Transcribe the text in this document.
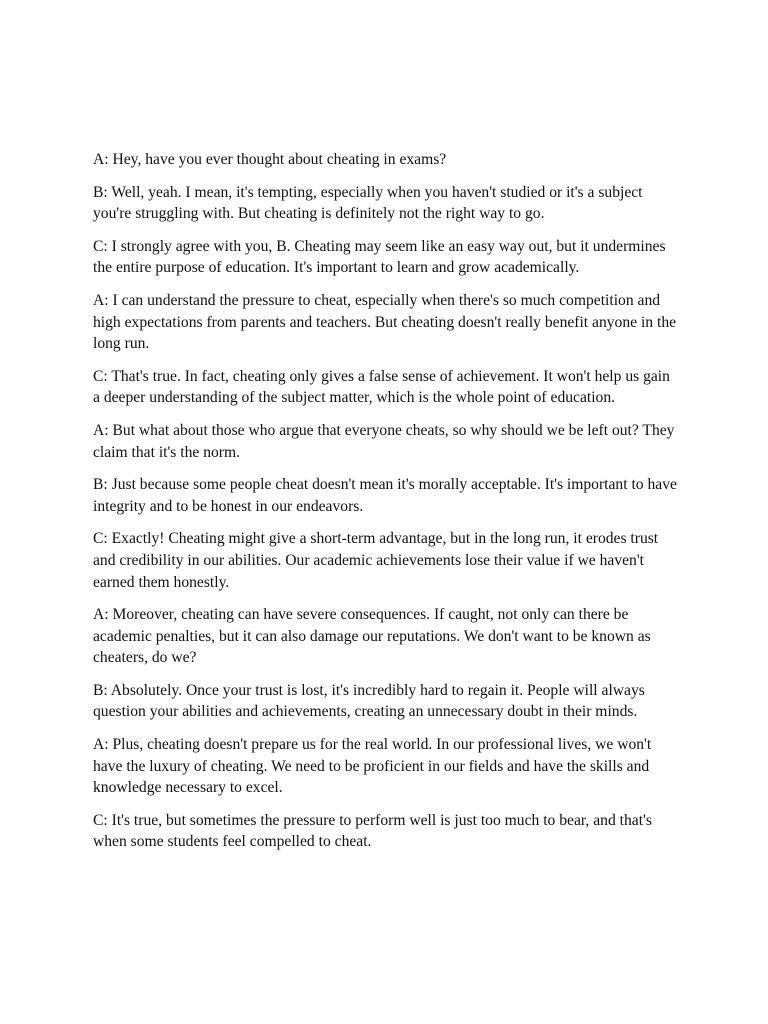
A: Hey, have you ever thought about cheating in exams?

B: Well, yeah. I mean, it's tempting, especially when you haven't studied or it's a subject you're struggling with. But cheating is definitely not the right way to go.

C: I strongly agree with you, B. Cheating may seem like an easy way out, but it undermines the entire purpose of education. It's important to learn and grow academically.

A: I can understand the pressure to cheat, especially when there's so much competition and high expectations from parents and teachers. But cheating doesn't really benefit anyone in the long run.

C: That's true. In fact, cheating only gives a false sense of achievement. It won't help us gain a deeper understanding of the subject matter, which is the whole point of education.

A: But what about those who argue that everyone cheats, so why should we be left out? They claim that it's the norm.

B: Just because some people cheat doesn't mean it's morally acceptable. It's important to have integrity and to be honest in our endeavors.

C: Exactly! Cheating might give a short-term advantage, but in the long run, it erodes trust and credibility in our abilities. Our academic achievements lose their value if we haven't earned them honestly.

A: Moreover, cheating can have severe consequences. If caught, not only can there be academic penalties, but it can also damage our reputations. We don't want to be known as cheaters, do we?

B: Absolutely. Once your trust is lost, it's incredibly hard to regain it. People will always question your abilities and achievements, creating an unnecessary doubt in their minds.

A: Plus, cheating doesn't prepare us for the real world. In our professional lives, we won't have the luxury of cheating. We need to be proficient in our fields and have the skills and knowledge necessary to excel.

C: It's true, but sometimes the pressure to perform well is just too much to bear, and that's when some students feel compelled to cheat.
